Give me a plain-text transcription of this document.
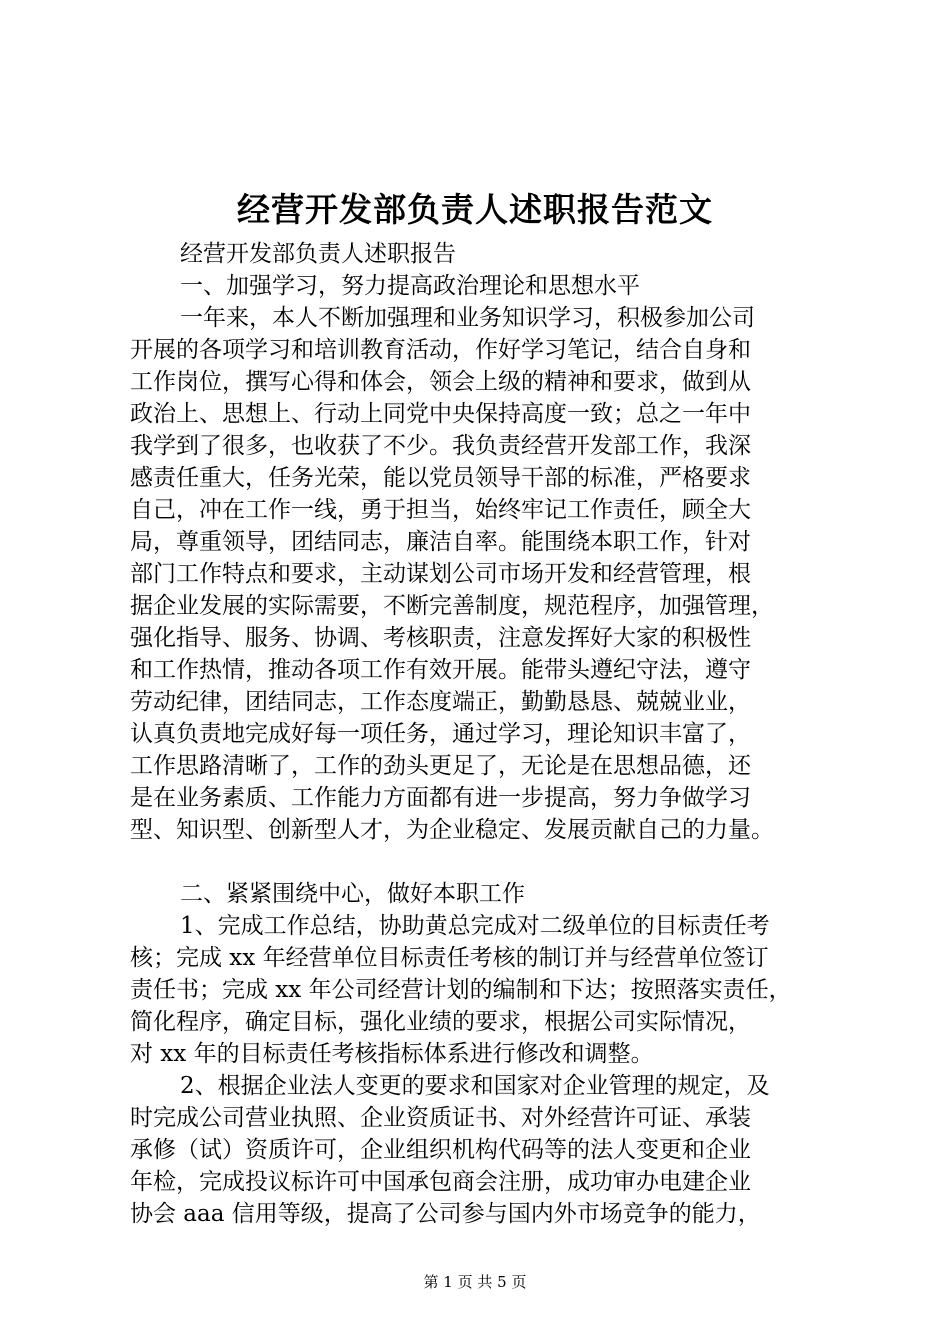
经营开发部负责人述职报告范文
经营开发部负责人述职报告
一、加强学习，努力提高政治理论和思想水平
一年来，本人不断加强理和业务知识学习，积极参加公司
开展的各项学习和培训教育活动，作好学习笔记，结合自身和
工作岗位，撰写心得和体会，领会上级的精神和要求，做到从
政治上、思想上、行动上同党中央保持高度一致；总之一年中
我学到了很多，也收获了不少。我负责经营开发部工作，我深
感责任重大，任务光荣，能以党员领导干部的标准，严格要求
自己，冲在工作一线，勇于担当，始终牢记工作责任，顾全大
局，尊重领导，团结同志，廉洁自率。能围绕本职工作，针对
部门工作特点和要求，主动谋划公司市场开发和经营管理，根
据企业发展的实际需要，不断完善制度，规范程序，加强管理，
强化指导、服务、协调、考核职责，注意发挥好大家的积极性
和工作热情，推动各项工作有效开展。能带头遵纪守法，遵守
劳动纪律，团结同志，工作态度端正，勤勤恳恳、兢兢业业，
认真负责地完成好每一项任务，通过学习，理论知识丰富了，
工作思路清晰了，工作的劲头更足了，无论是在思想品德，还
是在业务素质、工作能力方面都有进一步提高，努力争做学习
型、知识型、创新型人才，为企业稳定、发展贡献自己的力量。
二、紧紧围绕中心，做好本职工作
1、完成工作总结，协助黄总完成对二级单位的目标责任考
核；完成 xx 年经营单位目标责任考核的制订并与经营单位签订
责任书；完成 xx 年公司经营计划的编制和下达；按照落实责任，
简化程序，确定目标，强化业绩的要求，根据公司实际情况，
对 xx 年的目标责任考核指标体系进行修改和调整。
2、根据企业法人变更的要求和国家对企业管理的规定，及
时完成公司营业执照、企业资质证书、对外经营许可证、承装
承修（试）资质许可，企业组织机构代码等的法人变更和企业
年检，完成投议标许可中国承包商会注册，成功审办电建企业
协会 aaa 信用等级，提高了公司参与国内外市场竞争的能力，
第 1 页 共 5 页
